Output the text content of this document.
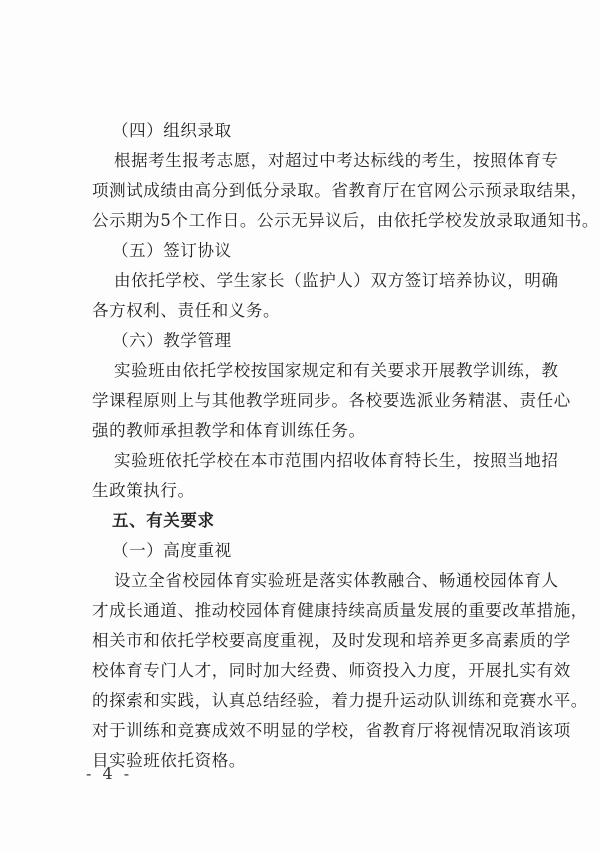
（四）组织录取
根据考生报考志愿，对超过中考达标线的考生，按照体育专
项测试成绩由高分到低分录取。省教育厅在官网公示预录取结果，
公示期为5个工作日。公示无异议后，由依托学校发放录取通知书。
（五）签订协议
由依托学校、学生家长（监护人）双方签订培养协议，明确
各方权利、责任和义务。
（六）教学管理
实验班由依托学校按国家规定和有关要求开展教学训练，教
学课程原则上与其他教学班同步。各校要选派业务精湛、责任心
强的教师承担教学和体育训练任务。
实验班依托学校在本市范围内招收体育特长生，按照当地招
生政策执行。
五、有关要求
（一）高度重视
设立全省校园体育实验班是落实体教融合、畅通校园体育人
才成长通道、推动校园体育健康持续高质量发展的重要改革措施，
相关市和依托学校要高度重视，及时发现和培养更多高素质的学
校体育专门人才，同时加大经费、师资投入力度，开展扎实有效
的探索和实践，认真总结经验，着力提升运动队训练和竞赛水平。
对于训练和竞赛成效不明显的学校，省教育厅将视情况取消该项
目实验班依托资格。
- 4 -
